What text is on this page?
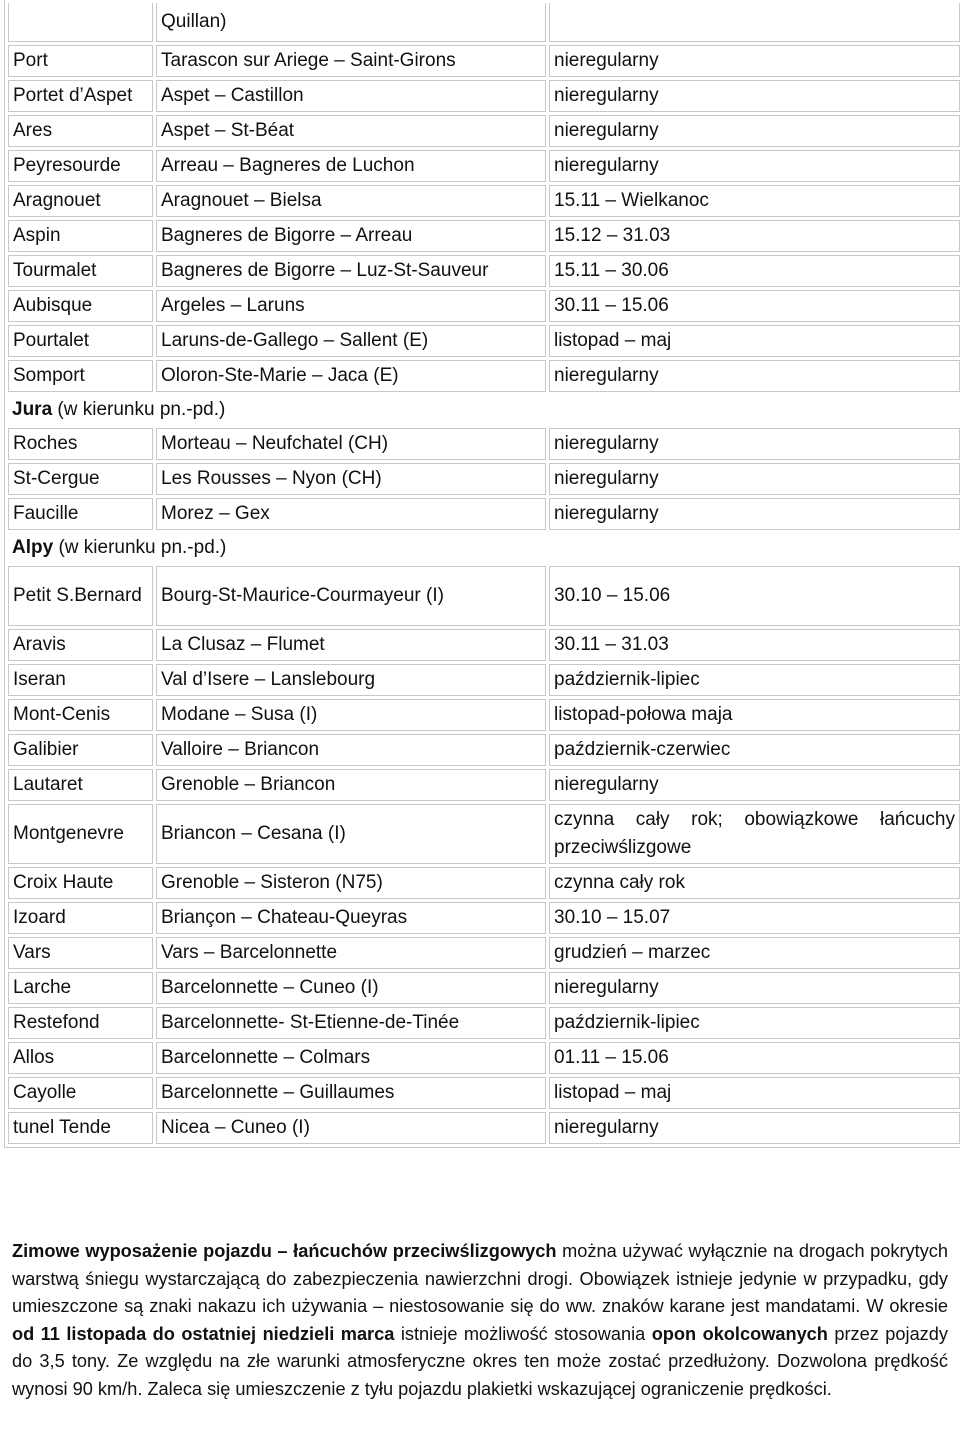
	Quillan)	
Port	Tarascon sur Ariege – Saint-Girons	nieregularny
Portet d’Aspet	Aspet – Castillon	nieregularny
Ares	Aspet – St-Béat	nieregularny
Peyresourde	Arreau – Bagneres de Luchon	nieregularny
Aragnouet	Aragnouet – Bielsa	15.11 – Wielkanoc
Aspin	Bagneres de Bigorre – Arreau	15.12 – 31.03
Tourmalet	Bagneres de Bigorre – Luz-St-Sauveur	15.11 – 30.06
Aubisque	Argeles – Laruns	30.11 – 15.06
Pourtalet	Laruns-de-Gallego – Sallent (E)	listopad – maj
Somport	Oloron-Ste-Marie – Jaca (E)	nieregularny
Jura (w kierunku pn.-pd.)		
Roches	Morteau – Neufchatel (CH)	nieregularny
St-Cergue	Les Rousses – Nyon (CH)	nieregularny
Faucille	Morez – Gex	nieregularny
Alpy (w kierunku pn.-pd.)		
Petit S.Bernard	Bourg-St-Maurice-Courmayeur (I)	30.10 – 15.06
Aravis	La Clusaz – Flumet	30.11 – 31.03
Iseran	Val d’Isere – Lanslebourg	październik-lipiec
Mont-Cenis	Modane – Susa (I)	listopad-połowa maja
Galibier	Valloire – Briancon	październik-czerwiec
Lautaret	Grenoble – Briancon	nieregularny
Montgenevre	Briancon – Cesana (I)	czynna cały rok; obowiązkowe łańcuchy przeciwślizgowe
Croix Haute	Grenoble – Sisteron (N75)	czynna cały rok
Izoard	Briançon – Chateau-Queyras	30.10 – 15.07
Vars	Vars – Barcelonnette	grudzień – marzec
Larche	Barcelonnette – Cuneo (I)	nieregularny
Restefond	Barcelonnette- St-Etienne-de-Tinée	październik-lipiec
Allos	Barcelonnette – Colmars	01.11 – 15.06
Cayolle	Barcelonnette – Guillaumes	listopad – maj
tunel Tende	Nicea – Cuneo (I)	nieregularny

Zimowe wyposażenie pojazdu – łańcuchów przeciwślizgowych można używać wyłącznie na drogach pokrytych warstwą śniegu wystarczającą do zabezpieczenia nawierzchni drogi. Obowiązek istnieje jedynie w przypadku, gdy umieszczone są znaki nakazu ich używania – niestosowanie się do ww. znaków karane jest mandatami. W okresie od 11 listopada do ostatniej niedzieli marca istnieje możliwość stosowania opon okolcowanych przez pojazdy do 3,5 tony. Ze względu na złe warunki atmosferyczne okres ten może zostać przedłużony. Dozwolona prędkość wynosi 90 km/h. Zaleca się umieszczenie z tyłu pojazdu plakietki wskazującej ograniczenie prędkości.
